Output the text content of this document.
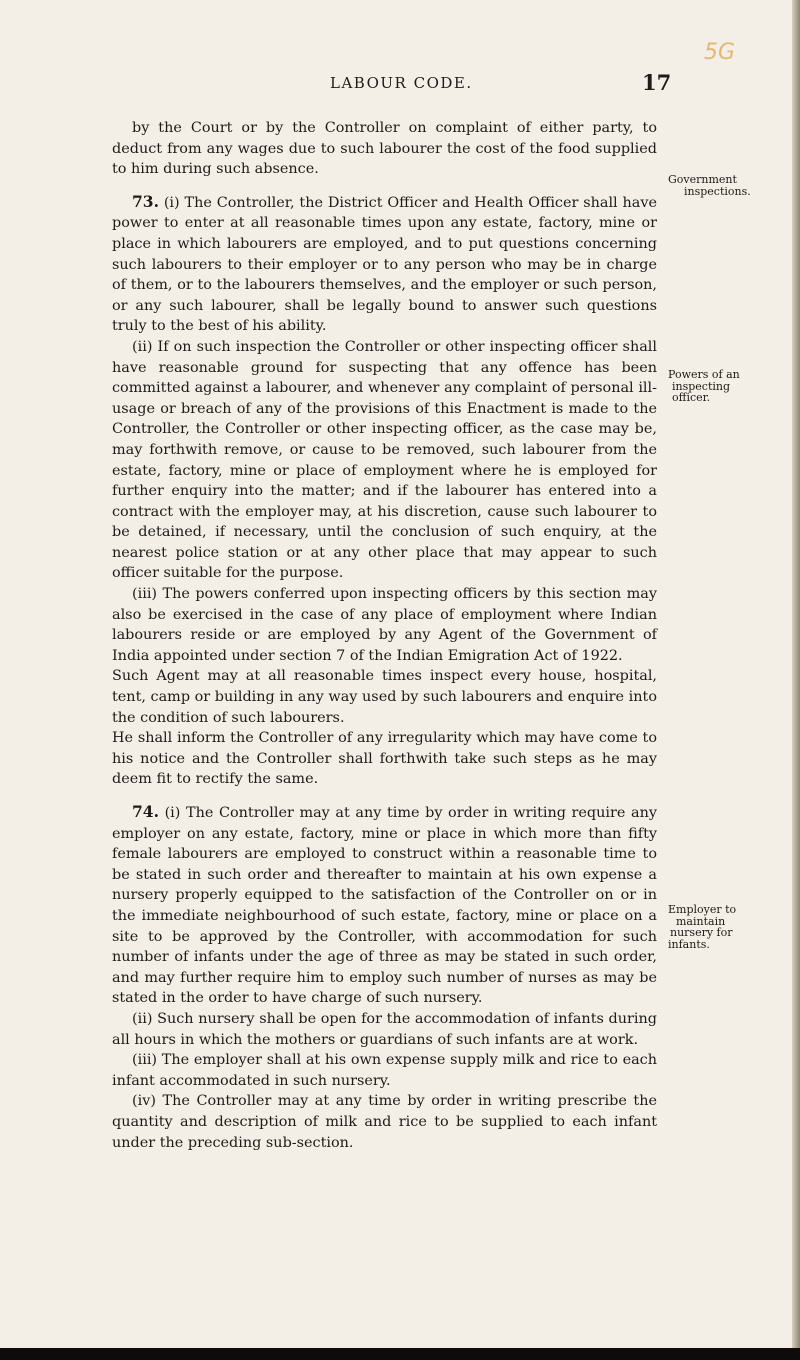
LABOUR CODE.	17
5G

by the Court or by the Controller on complaint of either party, to deduct from any wages due to such labourer the cost of the food supplied to him during such absence.

73. (i) The Controller, the District Officer and Health Officer shall have power to enter at all reasonable times upon any estate, factory, mine or place in which labourers are employed, and to put questions concerning such labourers to their employer or to any person who may be in charge of them, or to the labourers themselves, and the employer or such person, or any such labourer, shall be legally bound to answer such questions truly to the best of his ability.

(ii) If on such inspection the Controller or other inspecting officer shall have reasonable ground for suspecting that any offence has been committed against a labourer, and whenever any complaint of personal ill-usage or breach of any of the provisions of this Enactment is made to the Controller, the Controller or other inspecting officer, as the case may be, may forthwith remove, or cause to be removed, such labourer from the estate, factory, mine or place of employment where he is employed for further enquiry into the matter; and if the labourer has entered into a contract with the employer may, at his discretion, cause such labourer to be detained, if necessary, until the conclusion of such enquiry, at the nearest police station or at any other place that may appear to such officer suitable for the purpose.

(iii) The powers conferred upon inspecting officers by this section may also be exercised in the case of any place of employment where Indian labourers reside or are employed by any Agent of the Government of India appointed under section 7 of the Indian Emigration Act of 1922.

Such Agent may at all reasonable times inspect every house, hospital, tent, camp or building in any way used by such labourers and enquire into the condition of such labourers.

He shall inform the Controller of any irregularity which may have come to his notice and the Controller shall forthwith take such steps as he may deem fit to rectify the same.

74. (i) The Controller may at any time by order in writing require any employer on any estate, factory, mine or place in which more than fifty female labourers are employed to construct within a reasonable time to be stated in such order and thereafter to maintain at his own expense a nursery properly equipped to the satisfaction of the Controller on or in the immediate neighbourhood of such estate, factory, mine or place on a site to be approved by the Controller, with accommodation for such number of infants under the age of three as may be stated in such order, and may further require him to employ such number of nurses as may be stated in the order to have charge of such nursery.

(ii) Such nursery shall be open for the accommodation of infants during all hours in which the mothers or guardians of such infants are at work.

(iii) The employer shall at his own expense supply milk and rice to each infant accommodated in such nursery.

(iv) The Controller may at any time by order in writing prescribe the quantity and description of milk and rice to be supplied to each infant under the preceding sub-section.

Government
inspections.
Powers of an
inspecting
officer.
Employer to
maintain
nursery for
infants.
